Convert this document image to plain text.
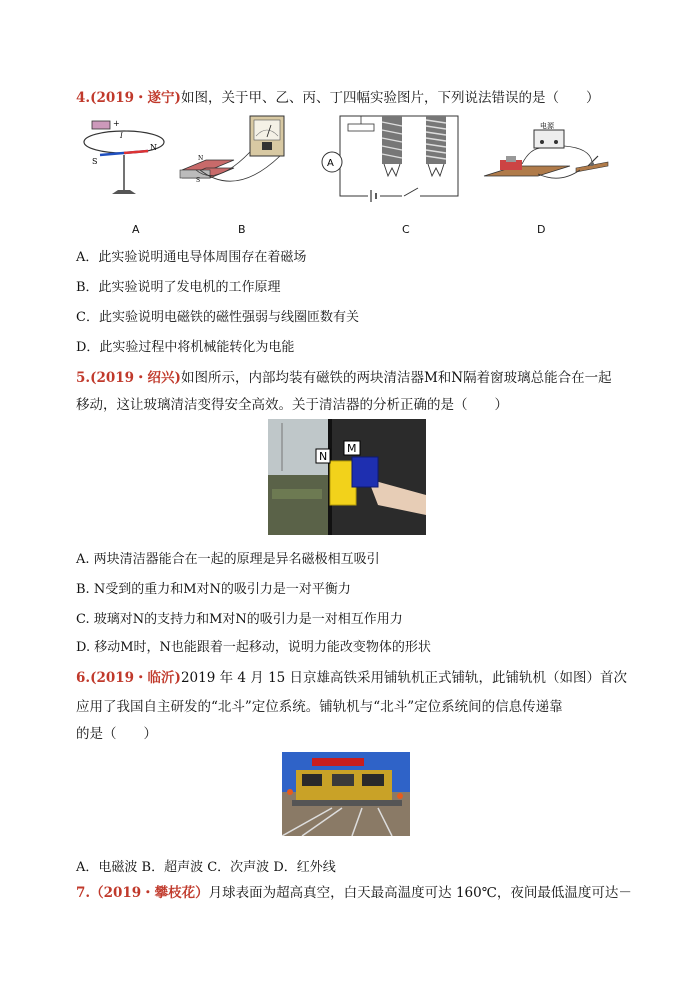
4.(2019・遂宁)如图，关于甲、乙、丙、丁四幅实验图片，下列说法错误的是（　　）
+
I
S
N
A
N
S
B
A
C
电源
D
A．此实验说明通电导体周围存在着磁场
B．此实验说明了发电机的工作原理
C．此实验说明电磁铁的磁性强弱与线圈匝数有关
D．此实验过程中将机械能转化为电能
5.(2019・绍兴)如图所示，内部均装有磁铁的两块清洁器M和N隔着窗玻璃总能合在一起
移动，这让玻璃清洁变得安全高效。关于清洁器的分析正确的是（　　）
N
M
A. 两块清洁器能合在一起的原理是异名磁极相互吸引
B. N受到的重力和M对N的吸引力是一对平衡力
C. 玻璃对N的支持力和M对N的吸引力是一对相互作用力
D. 移动M时，N也能跟着一起移动，说明力能改变物体的形状
6.(2019・临沂)2019 年 4 月 15 日京雄高铁采用铺轨机正式铺轨，此铺轨机（如图）首次
应用了我国自主研发的“北斗”定位系统。铺轨机与“北斗”定位系统间的信息传递靠
的是（　　）
A．电磁波 B．超声波 C．次声波 D．红外线
7.（2019・攀枝花）月球表面为超高真空，白天最高温度可达 160℃，夜间最低温度可达－
